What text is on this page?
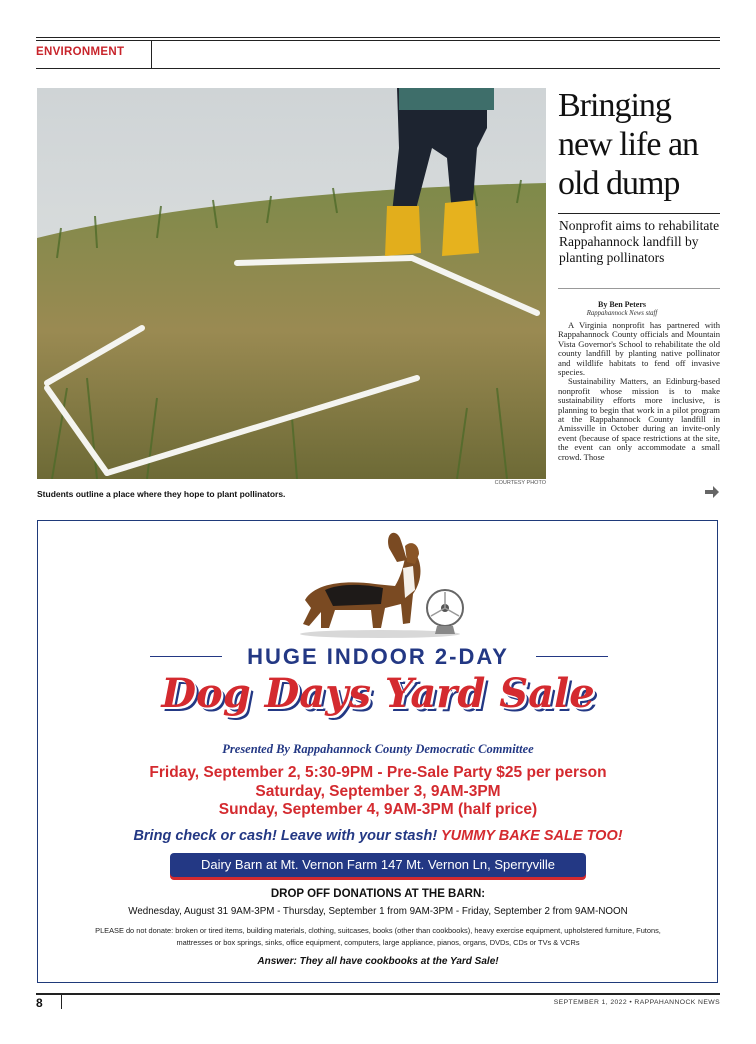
ENVIRONMENT
Students outline a place where they hope to plant pollinators.
COURTESY PHOTO
Bringing new life an old dump
Nonprofit aims to rehabilitate Rappahannock landfill by planting pollinators
By Ben Peters
Rappahannock News staff

A Virginia nonprofit has partnered with Rappahannock County officials and Mountain Vista Governor's School to rehabilitate the old county landfill by planting native pollinator and wildlife habitats to fend off invasive species.

Sustainability Matters, an Edinburg-based nonprofit whose mission is to make sustainability efforts more inclusive, is planning to begin that work in a pilot program at the Rappahannock County landfill in Amissville in October during an invite-only event (because of space restrictions at the site, the event can only accommodate a small crowd. Those

HUGE INDOOR 2-DAY
Dog Days Yard Sale
Presented By Rappahannock County Democratic Committee
Friday, September 2, 5:30-9PM - Pre-Sale Party $25 per person
Saturday, September 3, 9AM-3PM
Sunday, September 4, 9AM-3PM (half price)
Bring check or cash! Leave with your stash! YUMMY BAKE SALE TOO!
Dairy Barn at Mt. Vernon Farm 147 Mt. Vernon Ln, Sperryville
DROP OFF DONATIONS AT THE BARN:
Wednesday, August 31 9AM-3PM - Thursday, September 1 from 9AM-3PM - Friday, September 2 from 9AM-NOON
PLEASE do not donate: broken or tired items, building materials, clothing, suitcases, books (other than cookbooks), heavy exercise equipment, upholstered furniture, Futons, mattresses or box springs, sinks, office equipment, computers, large appliance, pianos, organs, DVDs, CDs or TVs & VCRs
Answer: They all have cookbooks at the Yard Sale!
8	SEPTEMBER 1, 2022 • RAPPAHANNOCK NEWS
